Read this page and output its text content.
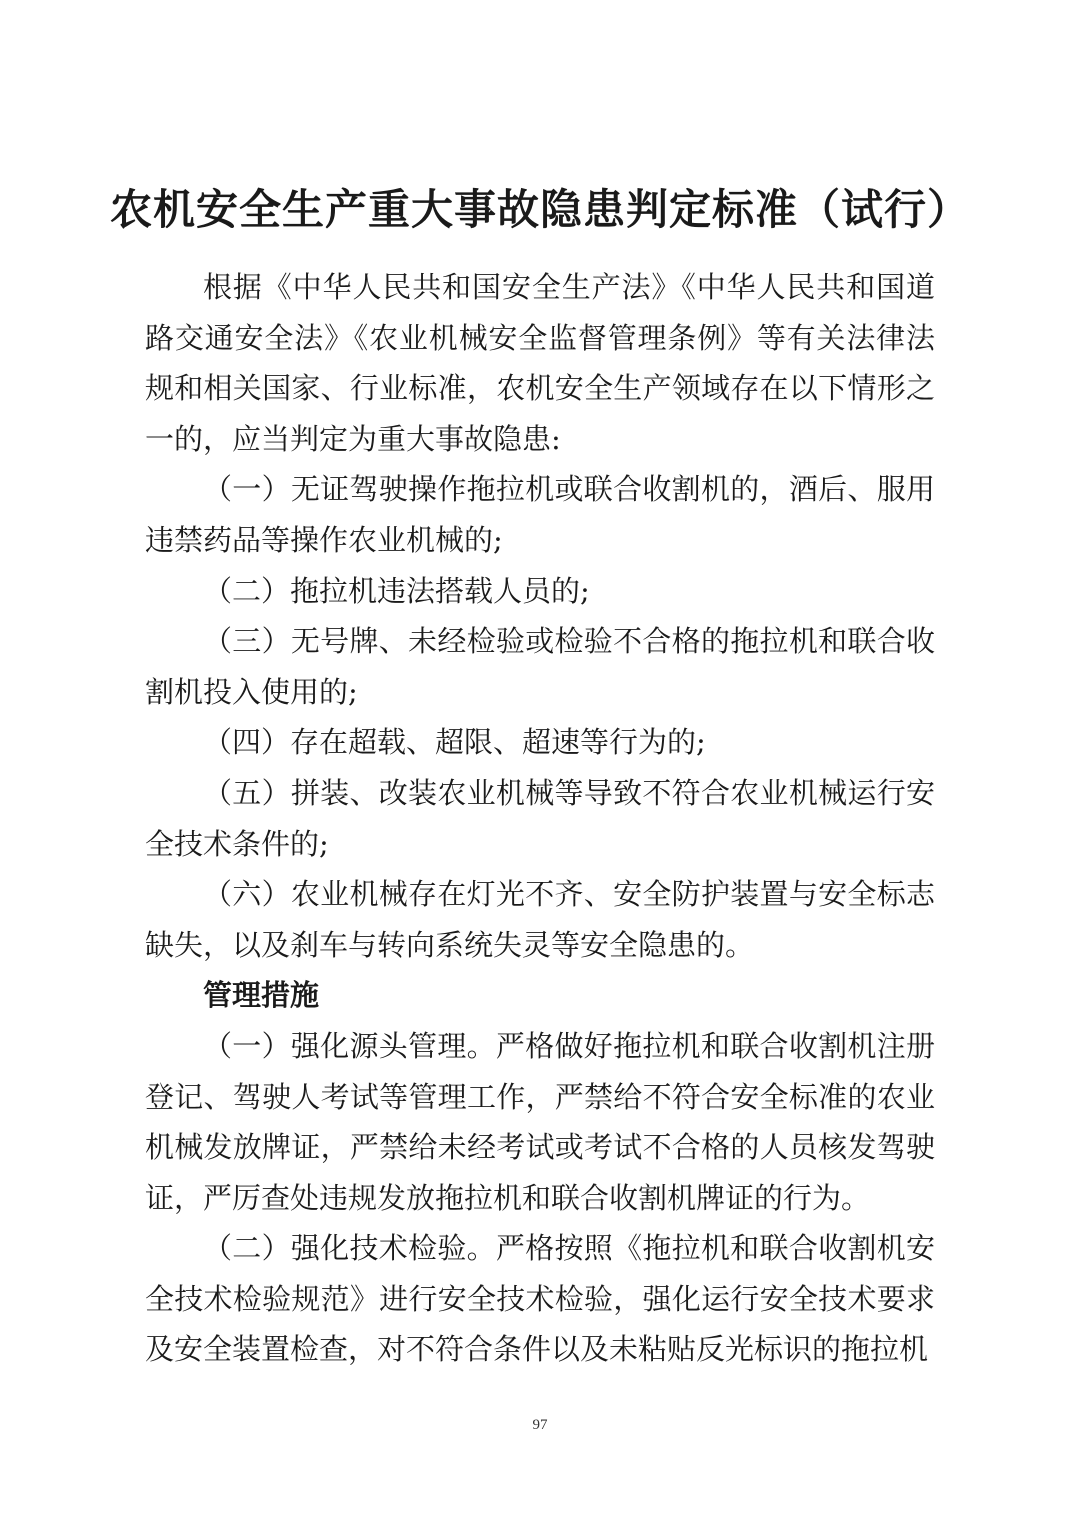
农机安全生产重大事故隐患判定标准（试行）

根据《中华人民共和国安全生产法》《中华人民共和国道路交通安全法》《农业机械安全监督管理条例》等有关法律法规和相关国家、行业标准，农机安全生产领域存在以下情形之一的，应当判定为重大事故隐患:

（一）无证驾驶操作拖拉机或联合收割机的，酒后、服用违禁药品等操作农业机械的;

（二）拖拉机违法搭载人员的;

（三）无号牌、未经检验或检验不合格的拖拉机和联合收割机投入使用的;

（四）存在超载、超限、超速等行为的;

（五）拼装、改装农业机械等导致不符合农业机械运行安全技术条件的;

（六）农业机械存在灯光不齐、安全防护装置与安全标志缺失，以及刹车与转向系统失灵等安全隐患的。

管理措施

（一）强化源头管理。严格做好拖拉机和联合收割机注册登记、驾驶人考试等管理工作，严禁给不符合安全标准的农业机械发放牌证，严禁给未经考试或考试不合格的人员核发驾驶证，严厉查处违规发放拖拉机和联合收割机牌证的行为。

（二）强化技术检验。严格按照《拖拉机和联合收割机安全技术检验规范》进行安全技术检验，强化运行安全技术要求及安全装置检查，对不符合条件以及未粘贴反光标识的拖拉机

97
